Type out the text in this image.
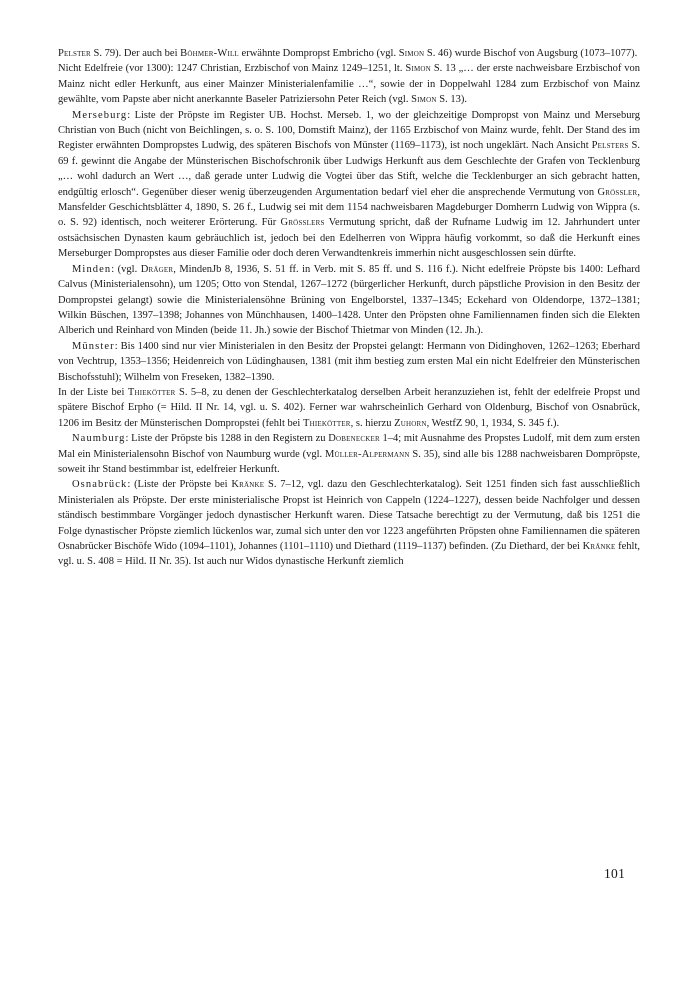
Pelster S. 79). Der auch bei Böhmer-Will erwähnte Dompropst Embricho (vgl. Simon S. 46) wurde Bischof von Augsburg (1073–1077).

Nicht Edelfreie (vor 1300): 1247 Christian, Erzbischof von Mainz 1249–1251, lt. Simon S. 13 „… der erste nachweisbare Erzbischof von Mainz nicht edler Herkunft, aus einer Mainzer Ministerialenfamilie …“, sowie der in Doppelwahl 1284 zum Erzbischof von Mainz gewählte, vom Papste aber nicht anerkannte Baseler Patriziersohn Peter Reich (vgl. Simon S. 13).

Merseburg: Liste der Pröpste im Register UB. Hochst. Merseb. 1, wo der gleichzeitige Dompropst von Mainz und Merseburg Christian von Buch (nicht von Beichlingen, s. o. S. 100, Domstift Mainz), der 1165 Erzbischof von Mainz wurde, fehlt. Der Stand des im Register erwähnten Dompropstes Ludwig, des späteren Bischofs von Münster (1169–1173), ist noch ungeklärt. Nach Ansicht Pelsters S. 69 f. gewinnt die Angabe der Münsterischen Bischofschronik über Ludwigs Herkunft aus dem Geschlechte der Grafen von Tecklenburg „… wohl dadurch an Wert …, daß gerade unter Ludwig die Vogtei über das Stift, welche die Tecklenburger an sich gebracht hatten, endgültig erlosch“. Gegenüber dieser wenig überzeugenden Argumentation bedarf viel eher die ansprechende Vermutung von Grössler, Mansfelder Geschichtsblätter 4, 1890, S. 26 f., Ludwig sei mit dem 1154 nachweisbaren Magdeburger Domherrn Ludwig von Wippra (s. o. S. 92) identisch, noch weiterer Erörterung. Für Grösslers Vermutung spricht, daß der Rufname Ludwig im 12. Jahrhundert unter ostsächsischen Dynasten kaum gebräuchlich ist, jedoch bei den Edelherren von Wippra häufig vorkommt, so daß die Herkunft eines Merseburger Dompropstes aus dieser Familie oder doch deren Verwandtenkreis immerhin nicht ausgeschlossen sein dürfte.

Minden: (vgl. Dräger, MindenJb 8, 1936, S. 51 ff. in Verb. mit S. 85 ff. und S. 116 f.). Nicht edelfreie Pröpste bis 1400: Lefhard Calvus (Ministerialensohn), um 1205; Otto von Stendal, 1267–1272 (bürgerlicher Herkunft, durch päpstliche Provision in den Besitz der Dompropstei gelangt) sowie die Ministerialensöhne Brüning von Engelborstel, 1337–1345; Eckehard von Oldendorpe, 1372–1381; Wilkin Büschen, 1397–1398; Johannes von Münchhausen, 1400–1428. Unter den Pröpsten ohne Familiennamen finden sich die Elekten Alberich und Reinhard von Minden (beide 11. Jh.) sowie der Bischof Thietmar von Minden (12. Jh.).

Münster: Bis 1400 sind nur vier Ministerialen in den Besitz der Propstei gelangt: Hermann von Didinghoven, 1262–1263; Eberhard von Vechtrup, 1353–1356; Heidenreich von Lüdinghausen, 1381 (mit ihm bestieg zum ersten Mal ein nicht Edelfreier den Münsterischen Bischofsstuhl); Wilhelm von Freseken, 1382–1390.

In der Liste bei Thiekötter S. 5–8, zu denen der Geschlechterkatalog derselben Arbeit heranzuziehen ist, fehlt der edelfreie Propst und spätere Bischof Erpho (= Hild. II Nr. 14, vgl. u. S. 402). Ferner war wahrscheinlich Gerhard von Oldenburg, Bischof von Osnabrück, 1206 im Besitz der Münsterischen Dompropstei (fehlt bei Thiekötter, s. hierzu Zuhorn, WestfZ 90, 1, 1934, S. 345 f.).

Naumburg: Liste der Pröpste bis 1288 in den Registern zu Dobenecker 1–4; mit Ausnahme des Propstes Ludolf, mit dem zum ersten Mal ein Ministerialensohn Bischof von Naumburg wurde (vgl. Müller-Alpermann S. 35), sind alle bis 1288 nachweisbaren Dompröpste, soweit ihr Stand bestimmbar ist, edelfreier Herkunft.

Osnabrück: (Liste der Pröpste bei Kränke S. 7–12, vgl. dazu den Geschlechterkatalog). Seit 1251 finden sich fast ausschließlich Ministerialen als Pröpste. Der erste ministerialische Propst ist Heinrich von Cappeln (1224–1227), dessen beide Nachfolger und dessen ständisch bestimmbare Vorgänger jedoch dynastischer Herkunft waren. Diese Tatsache berechtigt zu der Vermutung, daß bis 1251 die Folge dynastischer Pröpste ziemlich lückenlos war, zumal sich unter den vor 1223 angeführten Pröpsten ohne Familiennamen die späteren Osnabrücker Bischöfe Wido (1094–1101), Johannes (1101–1110) und Diethard (1119–1137) befinden. (Zu Diethard, der bei Kränke fehlt, vgl. u. S. 408 = Hild. II Nr. 35). Ist auch nur Widos dynastische Herkunft ziemlich

101
